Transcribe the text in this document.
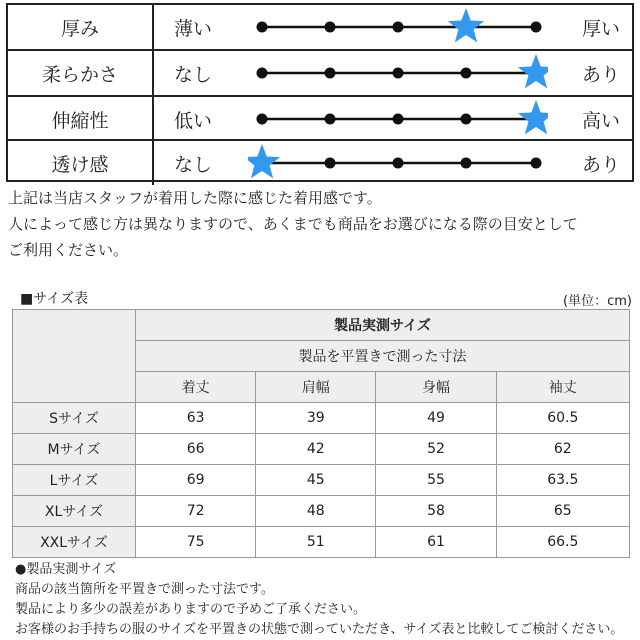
厚み	薄い	厚い
柔らかさ	なし	あり
伸縮性	低い	高い
透け感	なし	あり
上記は当店スタッフが着用した際に感じた着用感です。
人によって感じ方は異なりますので、あくまでも商品をお選びになる際の目安として
ご利用ください。
■サイズ表	(単位：cm)
	製品実測サイズ			
	製品を平置きで測った寸法			
	着丈	肩幅	身幅	袖丈
Sサイズ	63	39	49	60.5
Mサイズ	66	42	52	62
Lサイズ	69	45	55	63.5
XLサイズ	72	48	58	65
XXLサイズ	75	51	61	66.5
●製品実測サイズ
商品の該当箇所を平置きで測った寸法です。
製品により多少の誤差がありますので予めご了承ください。
お客様のお手持ちの服のサイズを平置きの状態で測っていただき、サイズ表と比較してご検討ください。
